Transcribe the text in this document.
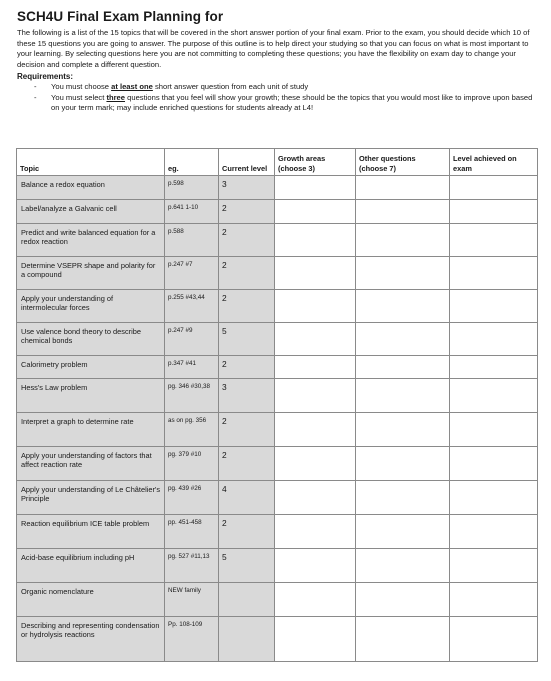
SCH4U Final Exam Planning for

The following is a list of the 15 topics that will be covered in the short answer portion of your final exam. Prior to the exam, you should decide which 10 of these 15 questions you are going to answer. The purpose of this outline is to help direct your studying so that you can focus on what is most important to your learning. By selecting questions here you are not committing to completing these questions; you have the flexibility on exam day to change your decision and complete a different question.

Requirements:
- You must choose at least one short answer question from each unit of study
- You must select three questions that you feel will show your growth; these should be the topics that you would most like to improve upon based on your term mark; may include enriched questions for students already at L4!
Topic	eg.	Current level	Growth areas (choose 3)	Other questions (choose 7)	Level achieved on exam
Balance a redox equation	p.598	3			
Label/analyze a Galvanic cell	p.641 1-10	2			
Predict and write balanced equation for a redox reaction	p.588	2			
Determine VSEPR shape and polarity for a compound	p.247 #7	2			
Apply your understanding of intermolecular forces	p.255 #43,44	2			
Use valence bond theory to describe chemical bonds	p.247 #9	5			
Calorimetry problem	p.347 #41	2			
Hess's Law problem	pg. 346 #30,38	3			
Interpret a graph to determine rate	as on pg. 356	2			
Apply your understanding of factors that affect reaction rate	pg. 379 #10	2			
Apply your understanding of Le Châtelier's Principle	pg. 439 #26	4			
Reaction equilibrium ICE table problem	pp. 451-458	2			
Acid-base equilibrium including pH	pg. 527 #11,13	5			
Organic nomenclature	NEW family				
Describing and representing condensation or hydrolysis reactions	Pp. 108-109				
